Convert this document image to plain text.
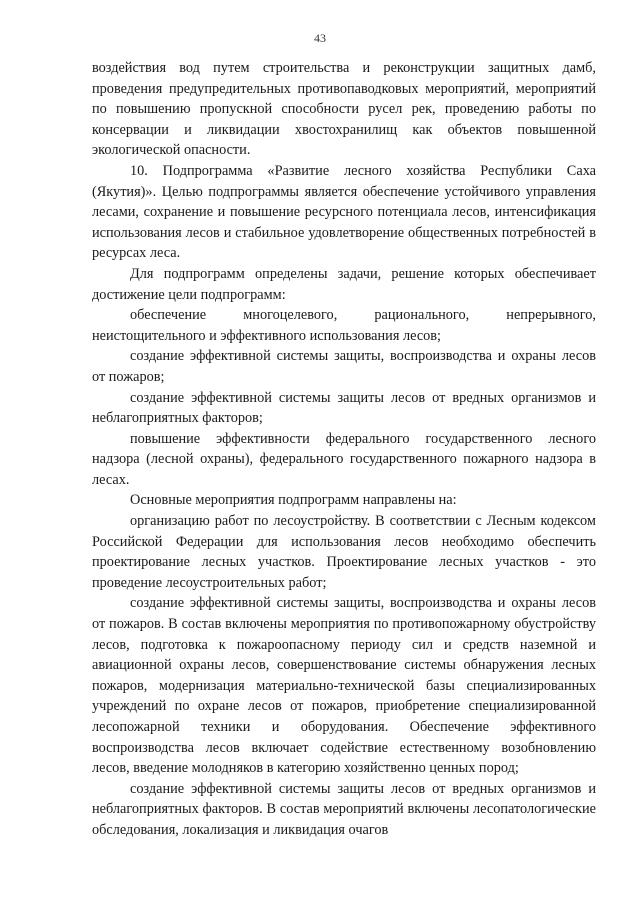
43

воздействия вод путем строительства и реконструкции защитных дамб, проведения предупредительных противопаводковых мероприятий, мероприятий по повышению пропускной способности русел рек, проведению работы по консервации и ликвидации хвостохранилищ как объектов повышенной экологической опасности.

10. Подпрограмма «Развитие лесного хозяйства Республики Саха (Якутия)». Целью подпрограммы является обеспечение устойчивого управления лесами, сохранение и повышение ресурсного потенциала лесов, интенсификация использования лесов и стабильное удовлетворение общественных потребностей в ресурсах леса.

Для подпрограмм определены задачи, решение которых обеспечивает достижение цели подпрограмм:

обеспечение многоцелевого, рационального, непрерывного, неистощительного и эффективного использования лесов;

создание эффективной системы защиты, воспроизводства и охраны лесов от пожаров;

создание эффективной системы защиты лесов от вредных организмов и неблагоприятных факторов;

повышение эффективности федерального государственного лесного надзора (лесной охраны), федерального государственного пожарного надзора в лесах.

Основные мероприятия подпрограмм направлены на:

организацию работ по лесоустройству. В соответствии с Лесным кодексом Российской Федерации для использования лесов необходимо обеспечить проектирование лесных участков. Проектирование лесных участков - это проведение лесоустроительных работ;

создание эффективной системы защиты, воспроизводства и охраны лесов от пожаров. В состав включены мероприятия по противопожарному обустройству лесов, подготовка к пожароопасному периоду сил и средств наземной и авиационной охраны лесов, совершенствование системы обнаружения лесных пожаров, модернизация материально-технической базы специализированных учреждений по охране лесов от пожаров, приобретение специализированной лесопожарной техники и оборудования. Обеспечение эффективного воспроизводства лесов включает содействие естественному возобновлению лесов, введение молодняков в категорию хозяйственно ценных пород;

создание эффективной системы защиты лесов от вредных организмов и неблагоприятных факторов. В состав мероприятий включены лесопатологические обследования, локализация и ликвидация очагов
